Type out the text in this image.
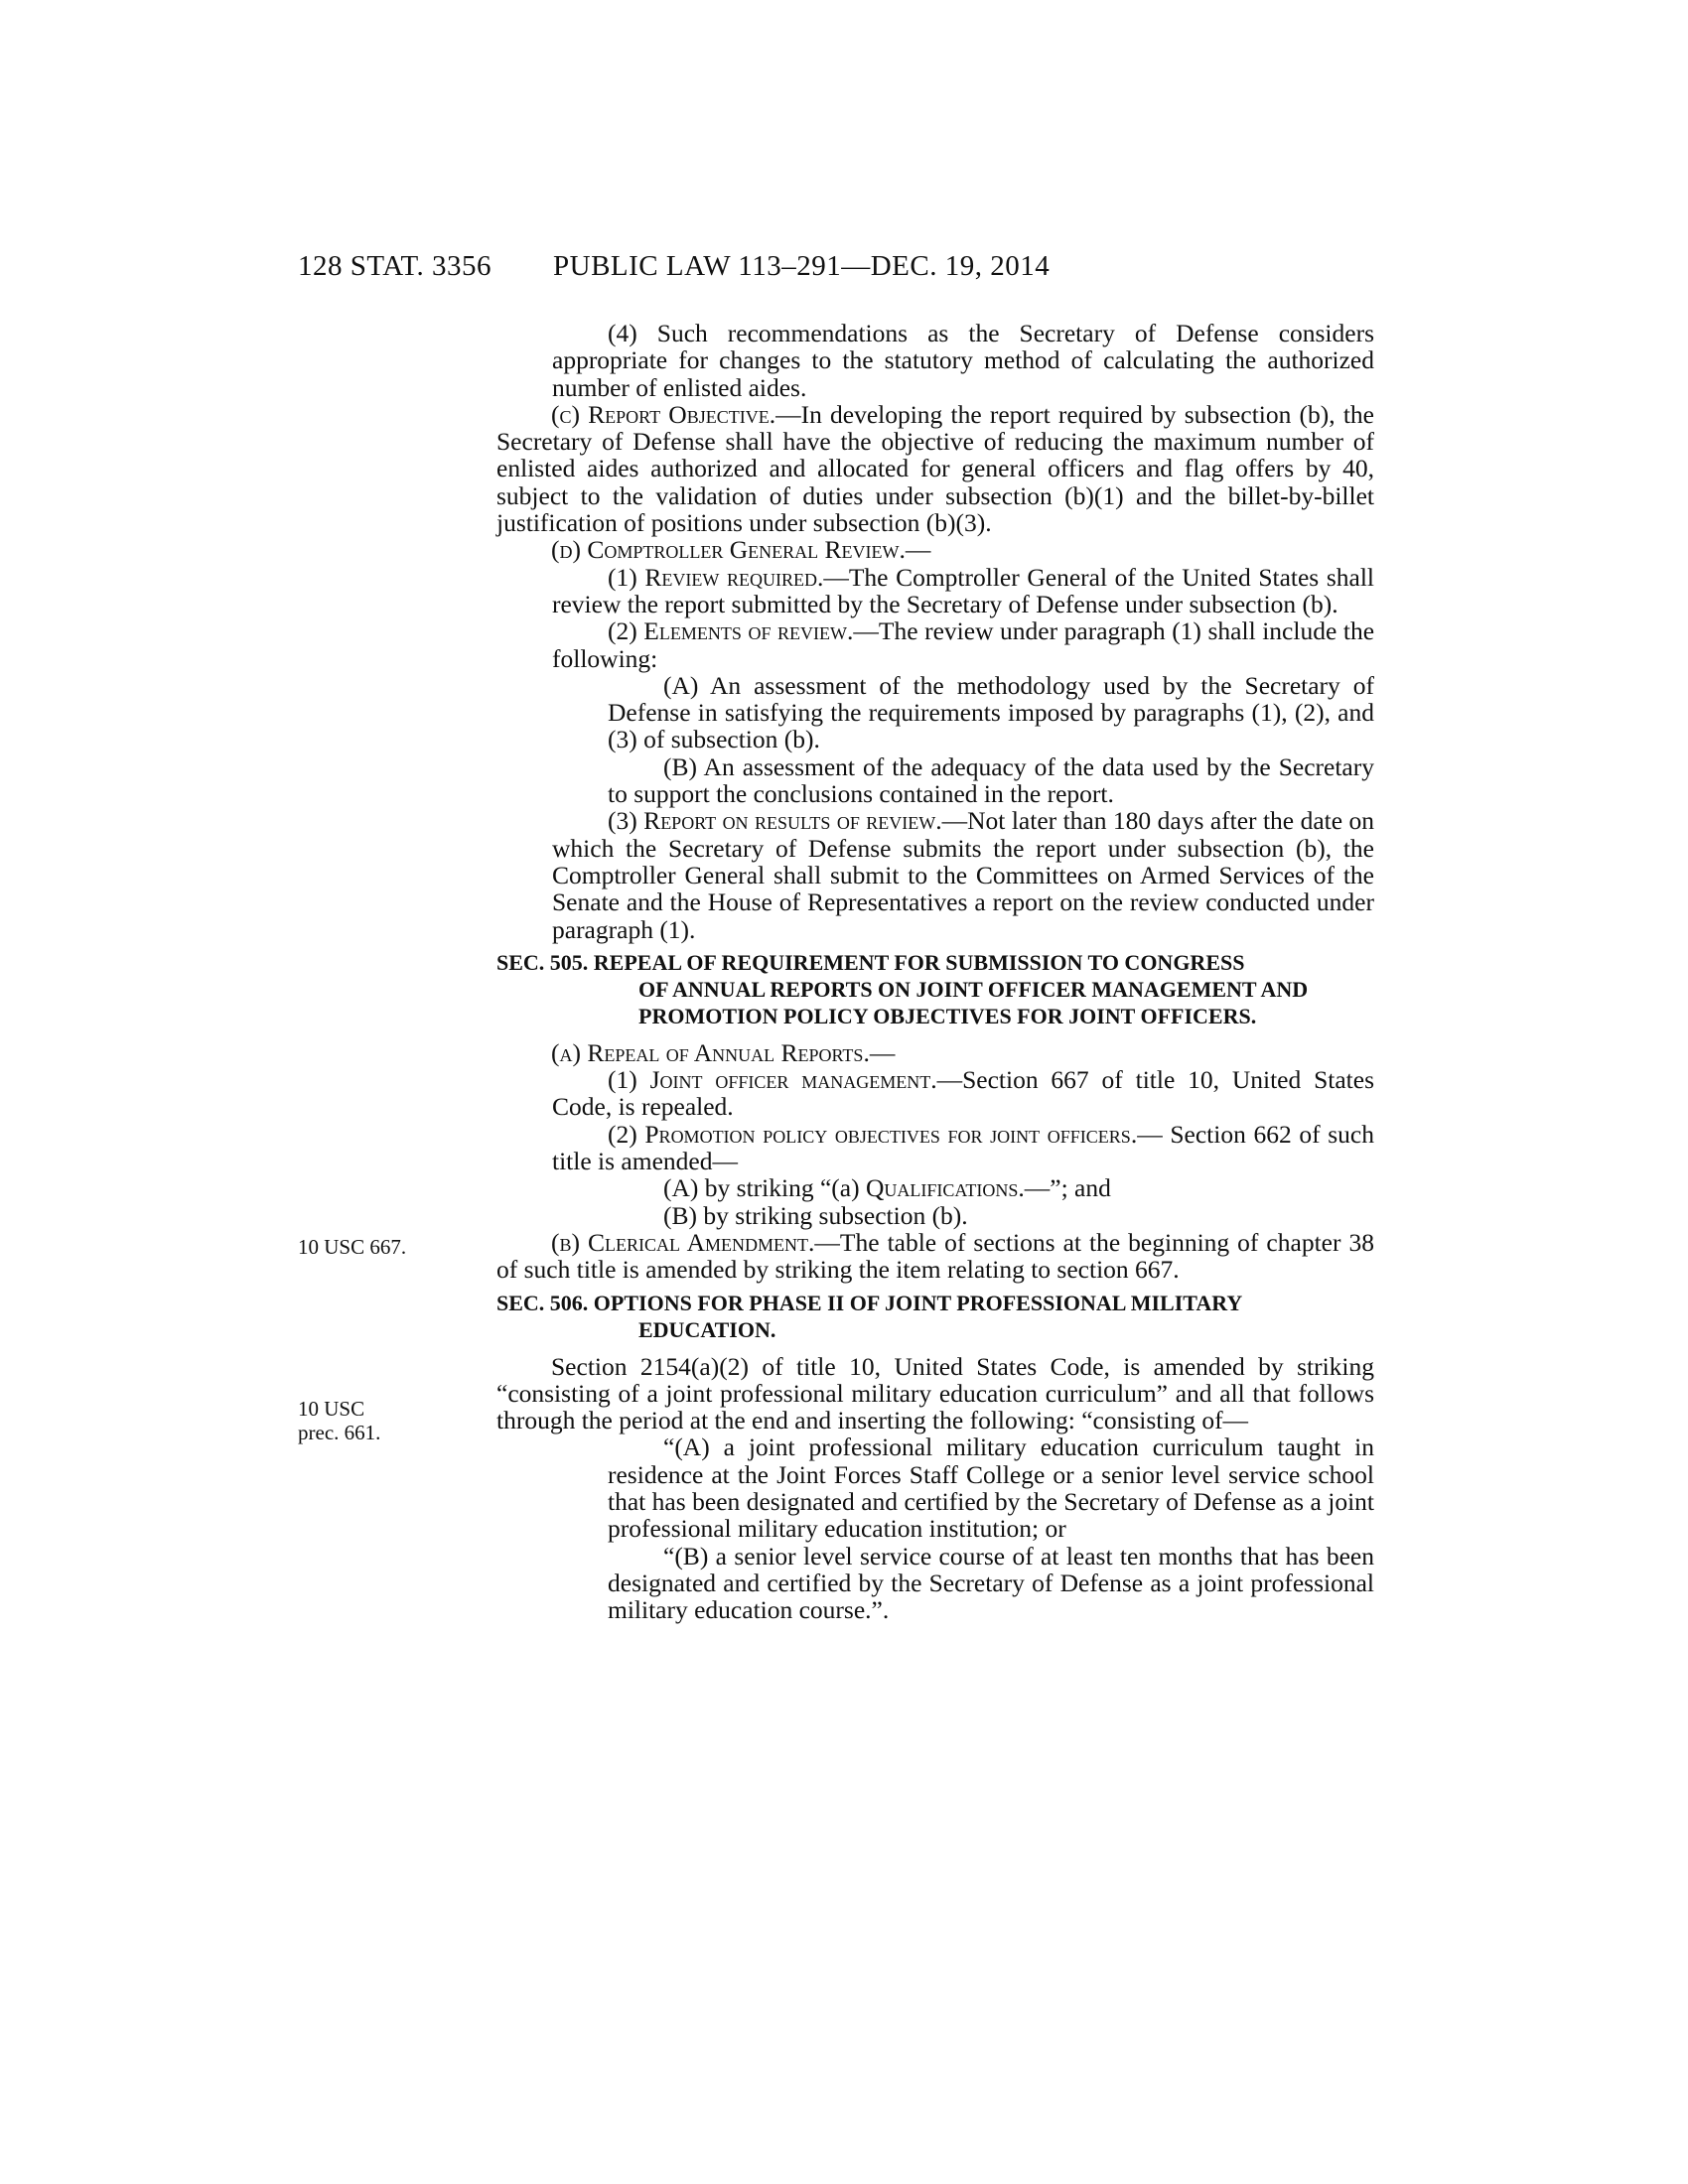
128 STAT. 3356 PUBLIC LAW 113–291—DEC. 19, 2014
10 USC 667.
10 USC
prec. 661.

(4) Such recommendations as the Secretary of Defense considers appropriate for changes to the statutory method of calculating the authorized number of enlisted aides.

(c) Report Objective.—In developing the report required by subsection (b), the Secretary of Defense shall have the objective of reducing the maximum number of enlisted aides authorized and allocated for general officers and flag offers by 40, subject to the validation of duties under subsection (b)(1) and the billet-by-billet justification of positions under subsection (b)(3).

(d) Comptroller General Review.—

(1) Review required.—The Comptroller General of the United States shall review the report submitted by the Secretary of Defense under subsection (b).

(2) Elements of review.—The review under paragraph (1) shall include the following:

(A) An assessment of the methodology used by the Secretary of Defense in satisfying the requirements imposed by paragraphs (1), (2), and (3) of subsection (b).

(B) An assessment of the adequacy of the data used by the Secretary to support the conclusions contained in the report.

(3) Report on results of review.—Not later than 180 days after the date on which the Secretary of Defense submits the report under subsection (b), the Comptroller General shall submit to the Committees on Armed Services of the Senate and the House of Representatives a report on the review conducted under paragraph (1).

SEC. 505. REPEAL OF REQUIREMENT FOR SUBMISSION TO CONGRESS
OF ANNUAL REPORTS ON JOINT OFFICER MANAGEMENT AND PROMOTION POLICY OBJECTIVES FOR JOINT OFFICERS.

(a) Repeal of Annual Reports.—

(1) Joint officer management.—Section 667 of title 10, United States Code, is repealed.

(2) Promotion policy objectives for joint officers.— Section 662 of such title is amended—

(A) by striking “(a) Qualifications.—”; and

(B) by striking subsection (b).

(b) Clerical Amendment.—The table of sections at the beginning of chapter 38 of such title is amended by striking the item relating to section 667.

SEC. 506. OPTIONS FOR PHASE II OF JOINT PROFESSIONAL MILITARY
EDUCATION.

Section 2154(a)(2) of title 10, United States Code, is amended by striking “consisting of a joint professional military education curriculum” and all that follows through the period at the end and inserting the following: “consisting of—

“(A) a joint professional military education curriculum taught in residence at the Joint Forces Staff College or a senior level service school that has been designated and certified by the Secretary of Defense as a joint professional military education institution; or

“(B) a senior level service course of at least ten months that has been designated and certified by the Secretary of Defense as a joint professional military education course.”.
